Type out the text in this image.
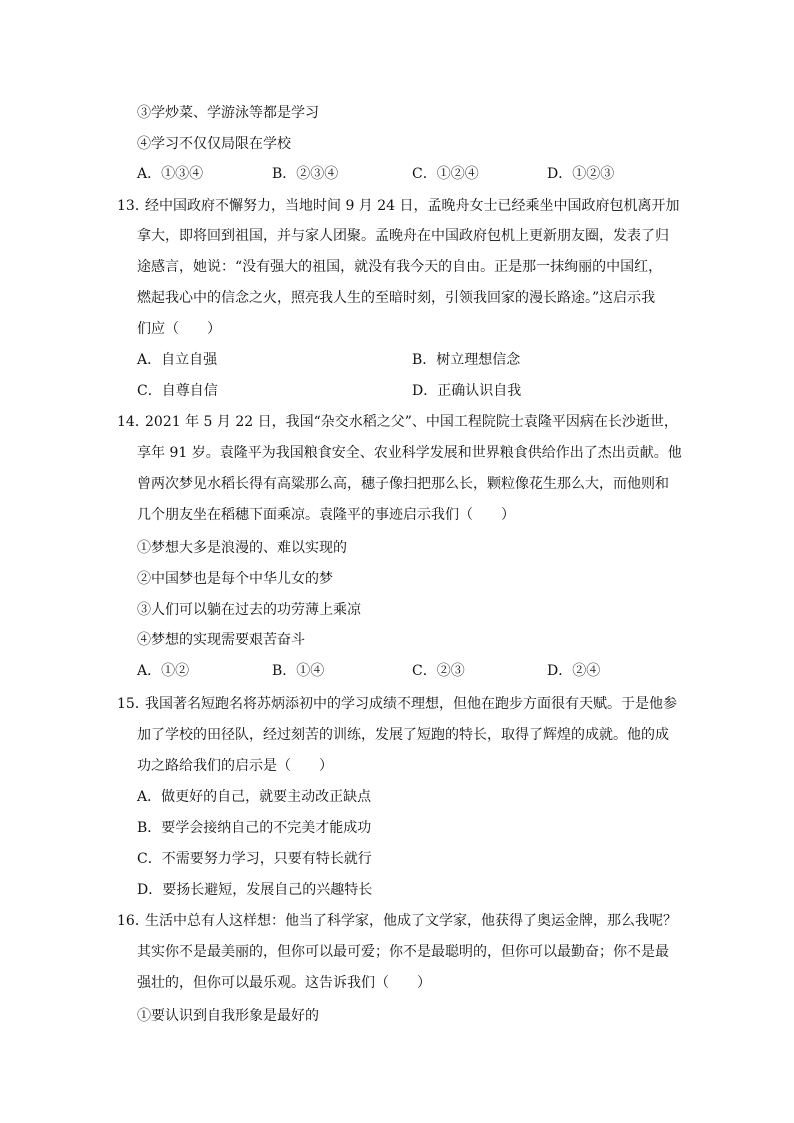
③学炒菜、学游泳等都是学习
④学习不仅仅局限在学校
A．①③④	B．②③④	C．①②④	D．①②③
13．
经中国政府不懈努力，当地时间 9 月 24 日，孟晚舟女士已经乘坐中国政府包机离开加
拿大，即将回到祖国，并与家人团聚。孟晚舟在中国政府包机上更新朋友圈，发表了归
途感言，她说：“没有强大的祖国，就没有我今天的自由。正是那一抹绚丽的中国红，
燃起我心中的信念之火，照亮我人生的至暗时刻，引领我回家的漫长路途。”这启示我
们应（　　）
A．自立自强	B．树立理想信念
C．自尊自信	D．正确认识自我
14．
2021 年 5 月 22 日，我国“杂交水稻之父”、中国工程院院士袁隆平因病在长沙逝世，
享年 91 岁。袁隆平为我国粮食安全、农业科学发展和世界粮食供给作出了杰出贡献。他
曾两次梦见水稻长得有高粱那么高，穗子像扫把那么长，颗粒像花生那么大，而他则和
几个朋友坐在稻穗下面乘凉。袁隆平的事迹启示我们（　　）
①梦想大多是浪漫的、难以实现的
②中国梦也是每个中华儿女的梦
③人们可以躺在过去的功劳薄上乘凉
④梦想的实现需要艰苦奋斗
A．①②	B．①④	C．②③	D．②④
15．
我国著名短跑名将苏炳添初中的学习成绩不理想，但他在跑步方面很有天赋。于是他参
加了学校的田径队，经过刻苦的训练，发展了短跑的特长，取得了辉煌的成就。他的成
功之路给我们的启示是（　　）
A．做更好的自己，就要主动改正缺点
B．要学会接纳自己的不完美才能成功
C．不需要努力学习，只要有特长就行
D．要扬长避短，发展自己的兴趣特长
16．
生活中总有人这样想：他当了科学家，他成了文学家，他获得了奥运金牌，那么我呢？
其实你不是最美丽的，但你可以最可爱；你不是最聪明的，但你可以最勤奋；你不是最
强壮的，但你可以最乐观。这告诉我们（　　）
①要认识到自我形象是最好的
